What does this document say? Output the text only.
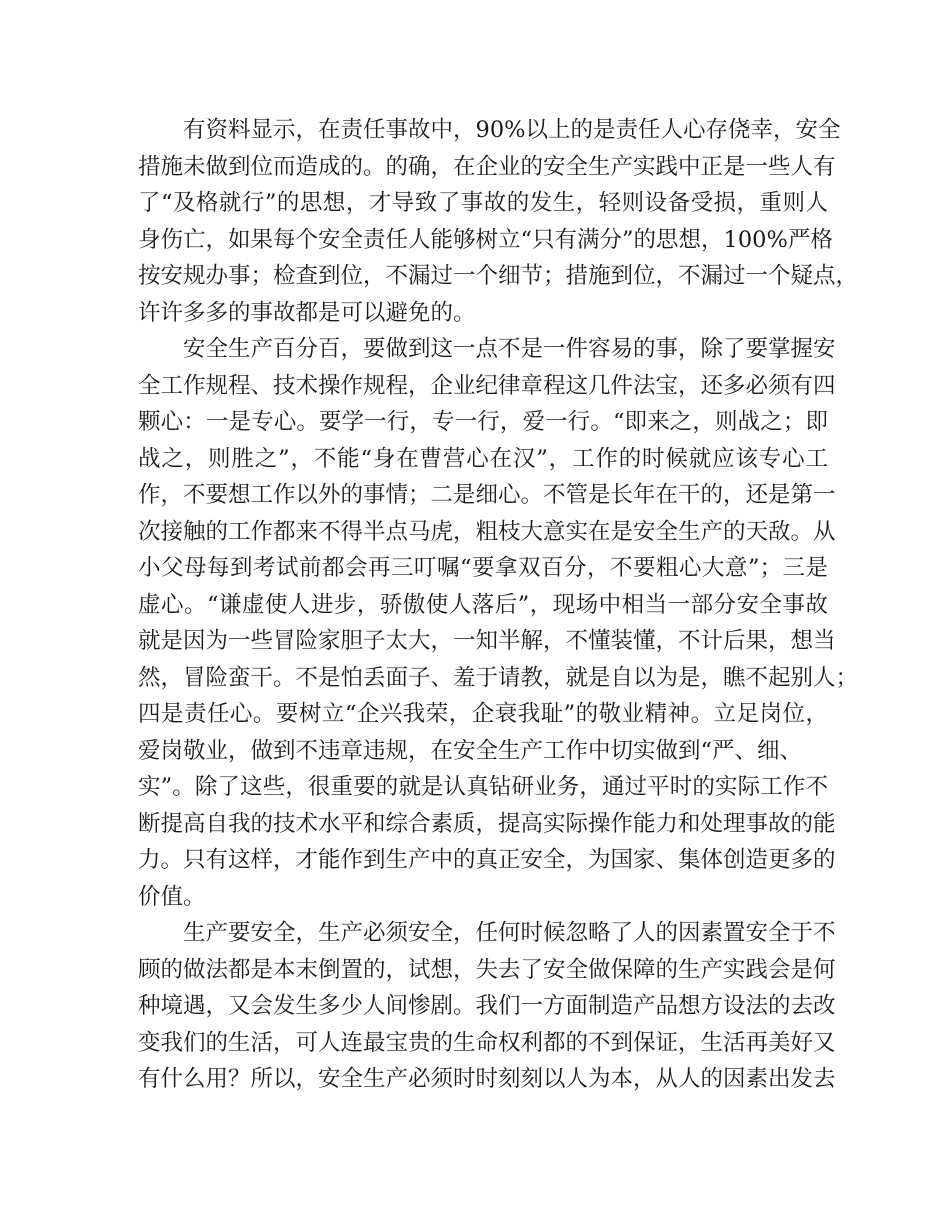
有资料显示，在责任事故中，90%以上的是责任人心存侥幸，安全
措施未做到位而造成的。的确，在企业的安全生产实践中正是一些人有
了“及格就行”的思想，才导致了事故的发生，轻则设备受损，重则人
身伤亡，如果每个安全责任人能够树立“只有满分”的思想，100%严格
按安规办事；检查到位，不漏过一个细节；措施到位，不漏过一个疑点，
许许多多的事故都是可以避免的。
安全生产百分百，要做到这一点不是一件容易的事，除了要掌握安
全工作规程、技术操作规程，企业纪律章程这几件法宝，还多必须有四
颗心：一是专心。要学一行，专一行，爱一行。“即来之，则战之；即
战之，则胜之”，不能“身在曹营心在汉”，工作的时候就应该专心工
作，不要想工作以外的事情；二是细心。不管是长年在干的，还是第一
次接触的工作都来不得半点马虎，粗枝大意实在是安全生产的天敌。从
小父母每到考试前都会再三叮嘱“要拿双百分，不要粗心大意”；三是
虚心。“谦虚使人进步，骄傲使人落后”，现场中相当一部分安全事故
就是因为一些冒险家胆子太大，一知半解，不懂装懂，不计后果，想当
然，冒险蛮干。不是怕丢面子、羞于请教，就是自以为是，瞧不起别人；
四是责任心。要树立“企兴我荣，企衰我耻”的敬业精神。立足岗位，
爱岗敬业，做到不违章违规，在安全生产工作中切实做到“严、细、
实”。除了这些，很重要的就是认真钻研业务，通过平时的实际工作不
断提高自我的技术水平和综合素质，提高实际操作能力和处理事故的能
力。只有这样，才能作到生产中的真正安全，为国家、集体创造更多的
价值。
生产要安全，生产必须安全，任何时候忽略了人的因素置安全于不
顾的做法都是本末倒置的，试想，失去了安全做保障的生产实践会是何
种境遇，又会发生多少人间惨剧。我们一方面制造产品想方设法的去改
变我们的生活，可人连最宝贵的生命权利都的不到保证，生活再美好又
有什么用？所以，安全生产必须时时刻刻以人为本，从人的因素出发去
